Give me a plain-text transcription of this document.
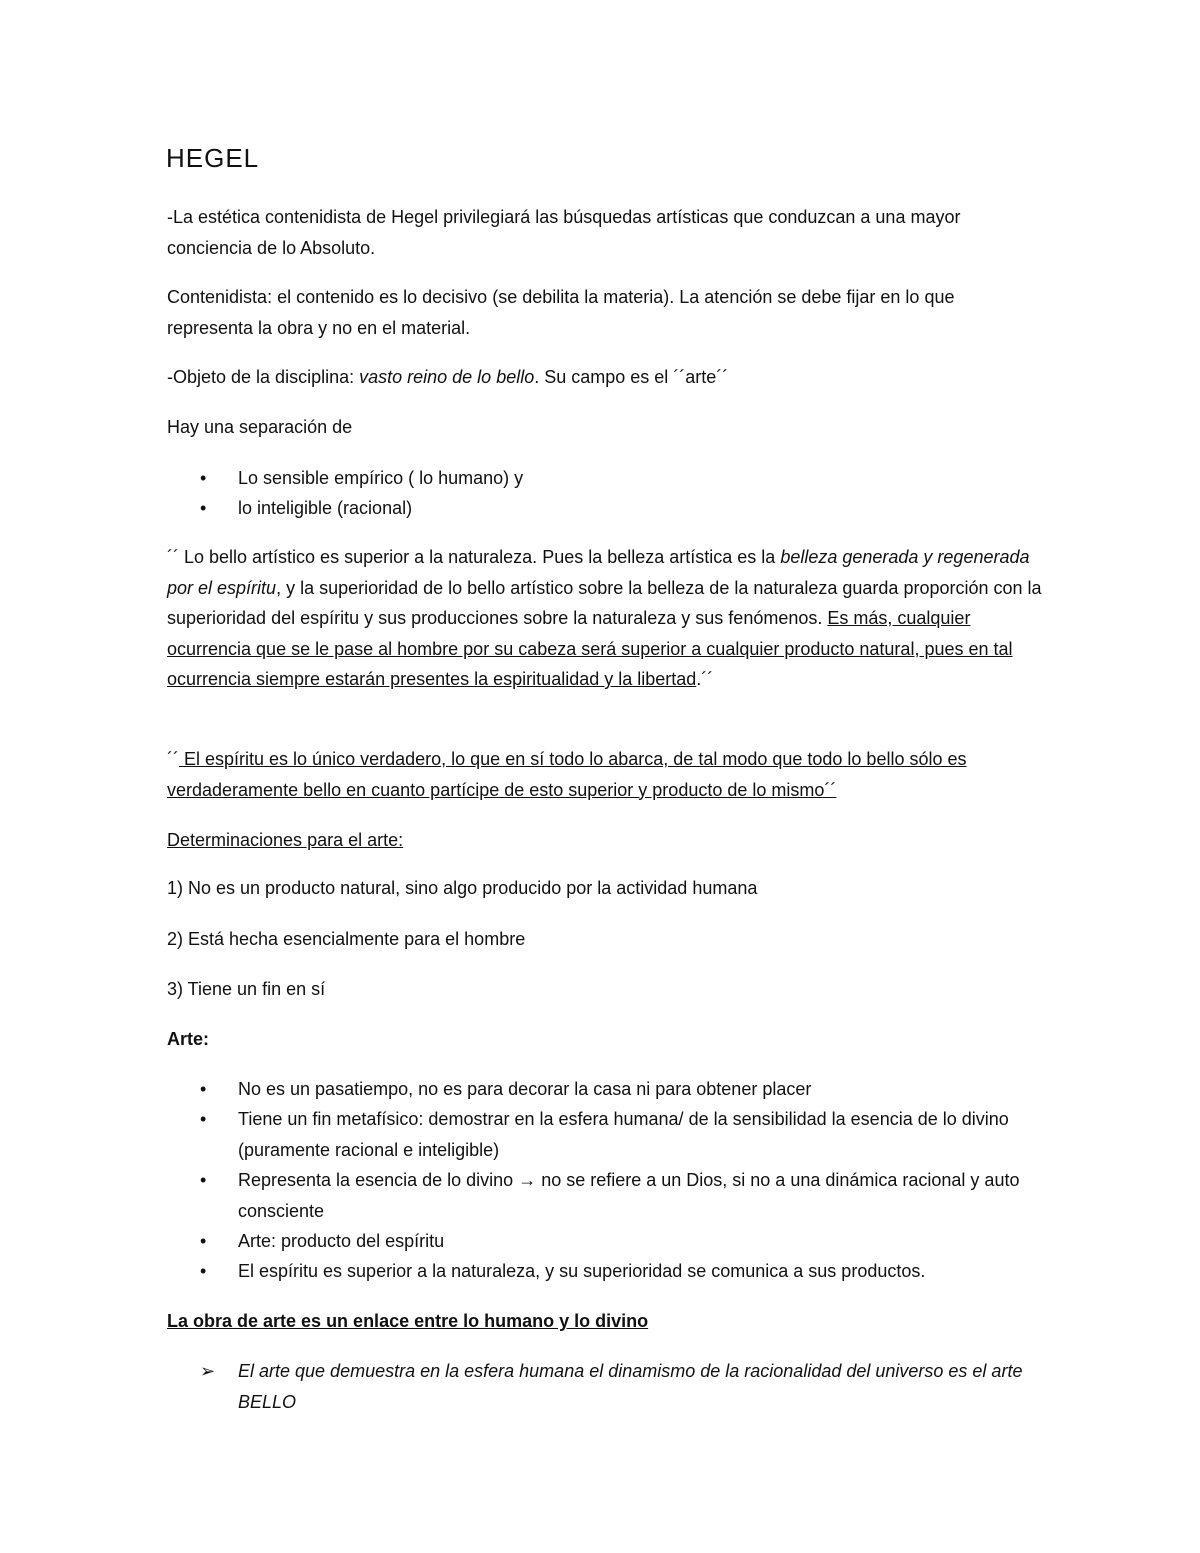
HEGEL

-La estética contenidista de Hegel privilegiará las búsquedas artísticas que conduzcan a una mayor conciencia de lo Absoluto.

Contenidista: el contenido es lo decisivo (se debilita la materia). La atención se debe fijar en lo que representa la obra y no en el material.

-Objeto de la disciplina: vasto reino de lo bello. Su campo es el ´´arte´´

Hay una separación de

• Lo sensible empírico ( lo humano) y
• lo inteligible (racional)

´´ Lo bello artístico es superior a la naturaleza. Pues la belleza artística es la belleza generada y regenerada por el espíritu, y la superioridad de lo bello artístico sobre la belleza de la naturaleza guarda proporción con la superioridad del espíritu y sus producciones sobre la naturaleza y sus fenómenos. Es más, cualquier ocurrencia que se le pase al hombre por su cabeza será superior a cualquier producto natural, pues en tal ocurrencia siempre estarán presentes la espiritualidad y la libertad.´´

´´ El espíritu es lo único verdadero, lo que en sí todo lo abarca, de tal modo que todo lo bello sólo es verdaderamente bello en cuanto partícipe de esto superior y producto de lo mismo´´

Determinaciones para el arte:

1) No es un producto natural, sino algo producido por la actividad humana

2) Está hecha esencialmente para el hombre

3) Tiene un fin en sí

Arte:

• No es un pasatiempo, no es para decorar la casa ni para obtener placer
• Tiene un fin metafísico: demostrar en la esfera humana/ de la sensibilidad la esencia de lo divino (puramente racional e inteligible)
• Representa la esencia de lo divino → no se refiere a un Dios, si no a una dinámica racional y auto consciente
• Arte: producto del espíritu
• El espíritu es superior a la naturaleza, y su superioridad se comunica a sus productos.

La obra de arte es un enlace entre lo humano y lo divino

➢ El arte que demuestra en la esfera humana el dinamismo de la racionalidad del universo es el arte BELLO
